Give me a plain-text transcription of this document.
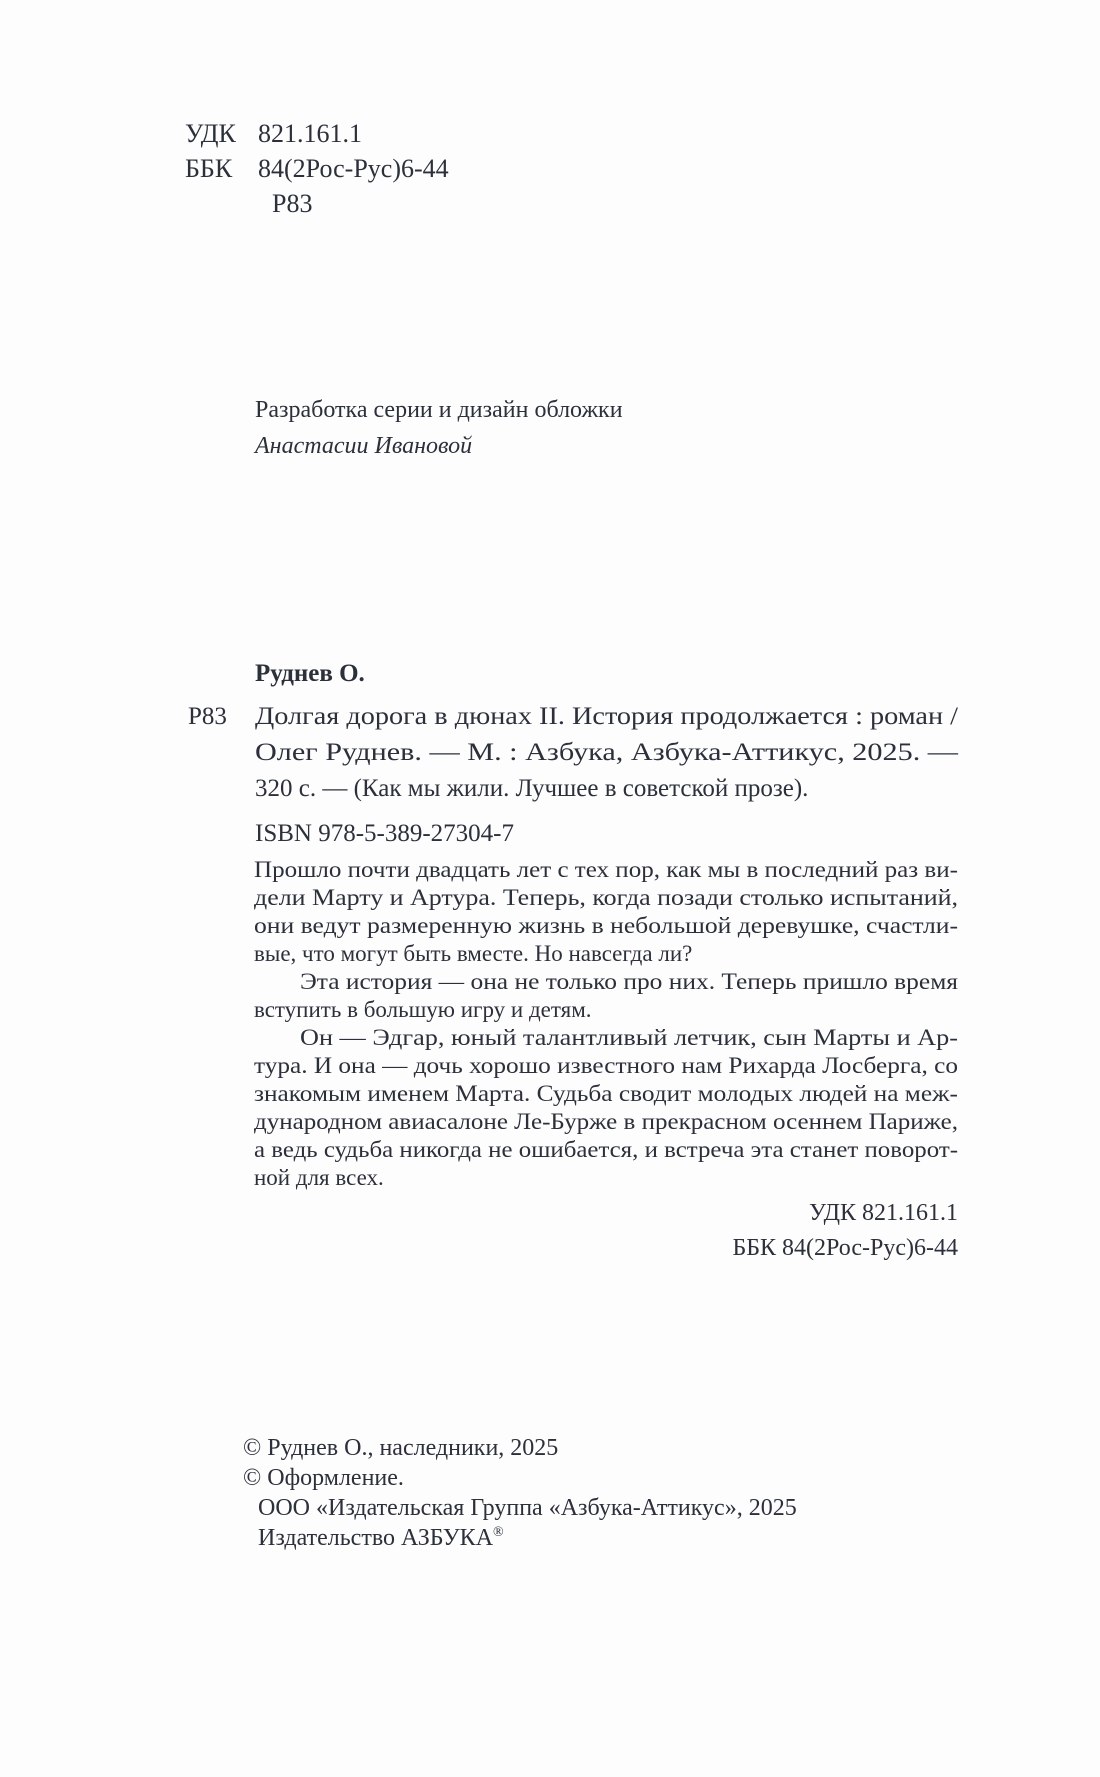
УДК 821.161.1
ББК 84(2Рос-Рус)6-44
Р83
Разработка серии и дизайн обложки
Анастасии Ивановой
Руднев О.
Р83 Долгая дорога в дюнах II. История продолжается : роман /
Олег Руднев. — М. : Азбука, Азбука-Аттикус, 2025. —
320 с. — (Как мы жили. Лучшее в советской прозе).
ISBN 978-5-389-27304-7
Прошло почти двадцать лет с тех пор, как мы в последний раз ви-
дели Марту и Артура. Теперь, когда позади столько испытаний,
они ведут размеренную жизнь в небольшой деревушке, счастли-
вые, что могут быть вместе. Но навсегда ли?
Эта история — она не только про них. Теперь пришло время
вступить в большую игру и детям.
Он — Эдгар, юный талантливый летчик, сын Марты и Ар-
тура. И она — дочь хорошо известного нам Рихарда Лосберга, со
знакомым именем Марта. Судьба сводит молодых людей на меж-
дународном авиасалоне Ле-Бурже в прекрасном осеннем Париже,
а ведь судьба никогда не ошибается, и встреча эта станет поворот-
ной для всех.
УДК 821.161.1
ББК 84(2Рос-Рус)6-44
© Руднев О., наследники, 2025
© Оформление.
ООО «Издательская Группа «Азбука-Аттикус», 2025
Издательство АЗБУКА®
